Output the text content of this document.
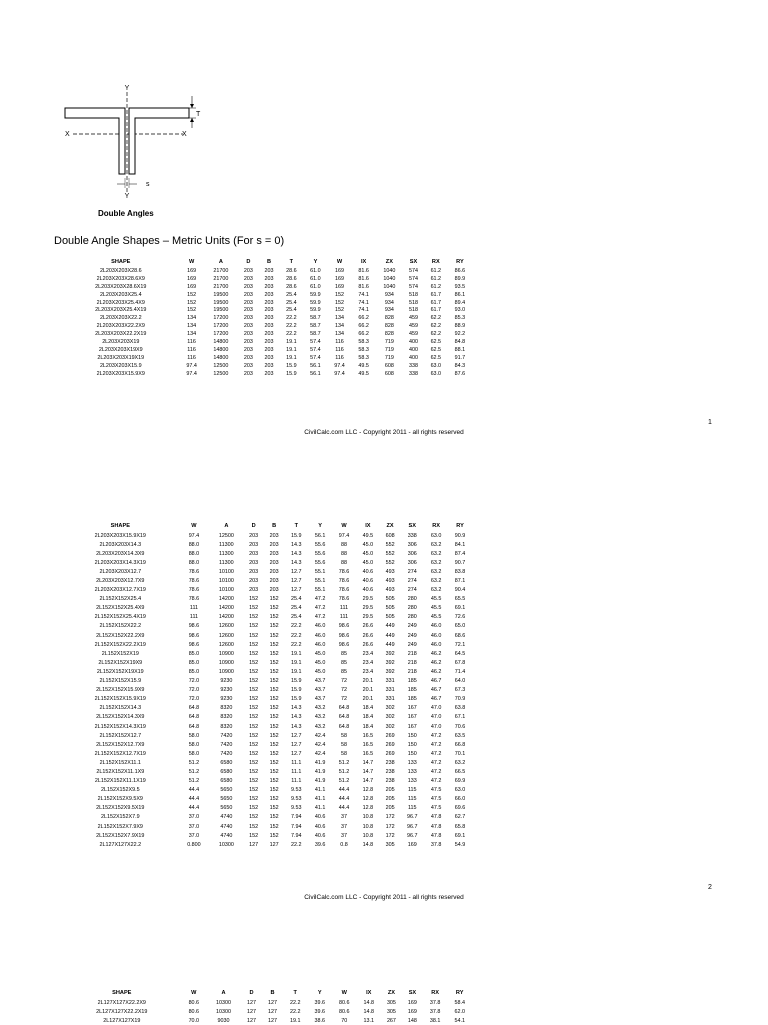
Y
Y
X	X
T
s
Double Angles
Double Angle Shapes – Metric Units (For s = 0)
SHAPE	W	A	D	B	T	Y	W	IX	ZX	SX	RX	RY
2L203X203X28.6	169	21700	203	203	28.6	61.0	169	81.6	1040	574	61.2	86.6
2L203X203X28.6X9	169	21700	203	203	28.6	61.0	169	81.6	1040	574	61.2	89.9
2L203X203X28.6X19	169	21700	203	203	28.6	61.0	169	81.6	1040	574	61.2	93.5
2L203X203X25.4	152	19500	203	203	25.4	59.9	152	74.1	934	518	61.7	86.1
2L203X203X25.4X9	152	19500	203	203	25.4	59.9	152	74.1	934	518	61.7	89.4
2L203X203X25.4X19	152	19500	203	203	25.4	59.9	152	74.1	934	518	61.7	93.0
2L203X203X22.2	134	17200	203	203	22.2	58.7	134	66.2	828	459	62.2	85.3
2L203X203X22.2X9	134	17200	203	203	22.2	58.7	134	66.2	828	459	62.2	88.9
2L203X203X22.2X19	134	17200	203	203	22.2	58.7	134	66.2	828	459	62.2	92.2
2L203X203X19	116	14800	203	203	19.1	57.4	116	58.3	719	400	62.5	84.8
2L203X203X19X9	116	14800	203	203	19.1	57.4	116	58.3	719	400	62.5	88.1
2L203X203X19X19	116	14800	203	203	19.1	57.4	116	58.3	719	400	62.5	91.7
2L203X203X15.9	97.4	12500	203	203	15.9	56.1	97.4	49.5	608	338	63.0	84.3
2L203X203X15.9X9	97.4	12500	203	203	15.9	56.1	97.4	49.5	608	338	63.0	87.6
1
CivilCalc.com LLC - Copyright 2011 - all rights reserved
SHAPE	W	A	D	B	T	Y	W	IX	ZX	SX	RX	RY
2L203X203X15.9X19	97.4	12500	203	203	15.9	56.1	97.4	49.5	608	338	63.0	90.9
2L203X203X14.3	88.0	11300	203	203	14.3	55.6	88	45.0	552	306	63.2	84.1
2L203X203X14.3X9	88.0	11300	203	203	14.3	55.6	88	45.0	552	306	63.2	87.4
2L203X203X14.3X19	88.0	11300	203	203	14.3	55.6	88	45.0	552	306	63.2	90.7
2L203X203X12.7	78.6	10100	203	203	12.7	55.1	78.6	40.6	493	274	63.2	83.8
2L203X203X12.7X9	78.6	10100	203	203	12.7	55.1	78.6	40.6	493	274	63.2	87.1
2L203X203X12.7X19	78.6	10100	203	203	12.7	55.1	78.6	40.6	493	274	63.2	90.4
2L152X152X25.4	78.6	14200	152	152	25.4	47.2	78.6	29.5	505	280	45.5	65.5
2L152X152X25.4X9	111	14200	152	152	25.4	47.2	111	29.5	505	280	45.5	69.1
2L152X152X25.4X19	111	14200	152	152	25.4	47.2	111	29.5	505	280	45.5	72.6
2L152X152X22.2	98.6	12600	152	152	22.2	46.0	98.6	26.6	449	249	46.0	65.0
2L152X152X22.2X9	98.6	12600	152	152	22.2	46.0	98.6	26.6	449	249	46.0	68.6
2L152X152X22.2X19	98.6	12600	152	152	22.2	46.0	98.6	26.6	449	249	46.0	72.1
2L152X152X19	85.0	10900	152	152	19.1	45.0	85	23.4	392	218	46.2	64.5
2L152X152X19X9	85.0	10900	152	152	19.1	45.0	85	23.4	392	218	46.2	67.8
2L152X152X19X19	85.0	10900	152	152	19.1	45.0	85	23.4	392	218	46.2	71.4
2L152X152X15.9	72.0	9230	152	152	15.9	43.7	72	20.1	331	185	46.7	64.0
2L152X152X15.9X9	72.0	9230	152	152	15.9	43.7	72	20.1	331	185	46.7	67.3
2L152X152X15.9X19	72.0	9230	152	152	15.9	43.7	72	20.1	331	185	46.7	70.9
2L152X152X14.3	64.8	8320	152	152	14.3	43.2	64.8	18.4	302	167	47.0	63.8
2L152X152X14.3X9	64.8	8320	152	152	14.3	43.2	64.8	18.4	302	167	47.0	67.1
2L152X152X14.3X19	64.8	8320	152	152	14.3	43.2	64.8	18.4	302	167	47.0	70.6
2L152X152X12.7	58.0	7420	152	152	12.7	42.4	58	16.5	269	150	47.2	63.5
2L152X152X12.7X9	58.0	7420	152	152	12.7	42.4	58	16.5	269	150	47.2	66.8
2L152X152X12.7X19	58.0	7420	152	152	12.7	42.4	58	16.5	269	150	47.2	70.1
2L152X152X11.1	51.2	6580	152	152	11.1	41.9	51.2	14.7	238	133	47.2	63.2
2L152X152X11.1X9	51.2	6580	152	152	11.1	41.9	51.2	14.7	238	133	47.2	66.5
2L152X152X11.1X19	51.2	6580	152	152	11.1	41.9	51.2	14.7	238	133	47.2	69.9
2L152X152X9.5	44.4	5650	152	152	9.53	41.1	44.4	12.8	205	115	47.5	63.0
2L152X152X9.5X9	44.4	5650	152	152	9.53	41.1	44.4	12.8	205	115	47.5	66.0
2L152X152X9.5X19	44.4	5650	152	152	9.53	41.1	44.4	12.8	205	115	47.5	69.6
2L152X152X7.9	37.0	4740	152	152	7.94	40.6	37	10.8	172	96.7	47.8	62.7
2L152X152X7.9X9	37.0	4740	152	152	7.94	40.6	37	10.8	172	96.7	47.8	65.8
2L152X152X7.9X19	37.0	4740	152	152	7.94	40.6	37	10.8	172	96.7	47.8	69.1
2L127X127X22.2	0.800	10300	127	127	22.2	39.6	0.8	14.8	305	169	37.8	54.9
2
CivilCalc.com LLC - Copyright 2011 - all rights reserved
SHAPE	W	A	D	B	T	Y	W	IX	ZX	SX	RX	RY
2L127X127X22.2X9	80.6	10300	127	127	22.2	39.6	80.6	14.8	305	169	37.8	58.4
2L127X127X22.2X19	80.6	10300	127	127	22.2	39.6	80.6	14.8	305	169	37.8	62.0
2L127X127X19	70.0	9030	127	127	19.1	38.6	70	13.1	267	148	38.1	54.1
